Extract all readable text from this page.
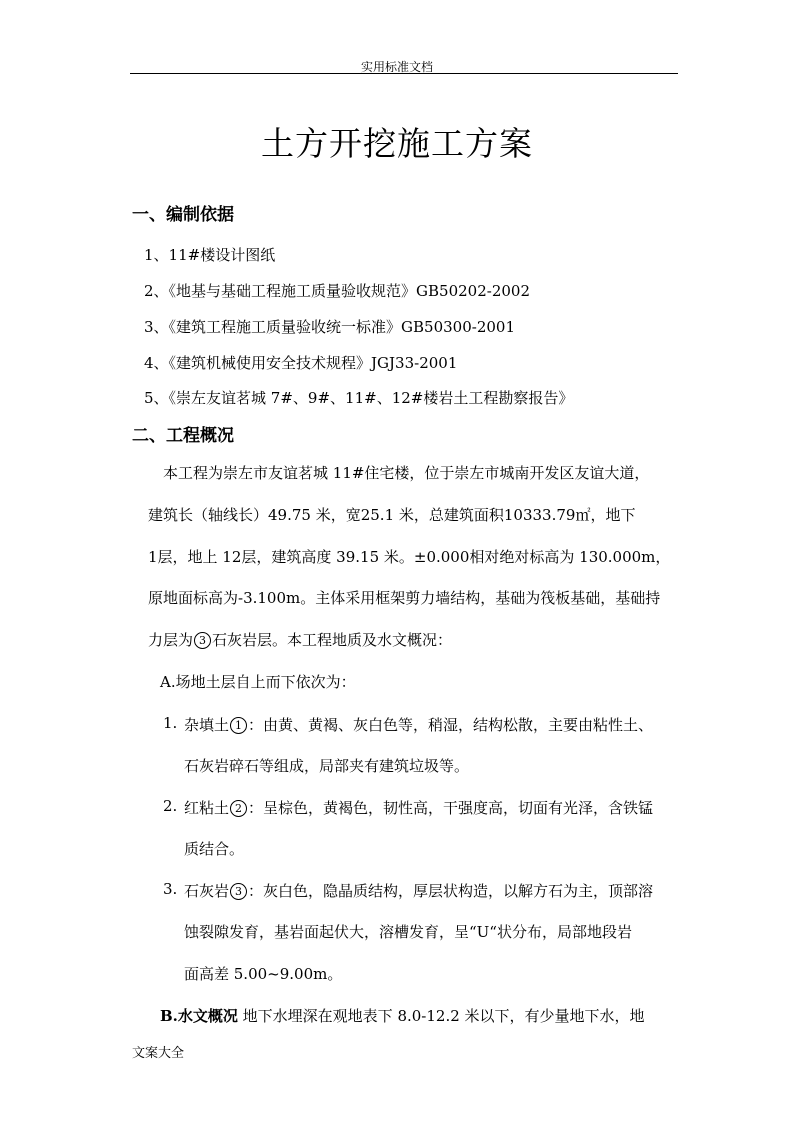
实用标准文档
土方开挖施工方案
一、编制依据
1、11#楼设计图纸
2、《地基与基础工程施工质量验收规范》GB50202-2002
3、《建筑工程施工质量验收统一标准》GB50300-2001
4、《建筑机械使用安全技术规程》JGJ33-2001
5、《崇左友谊茗城 7#、9#、11#、12#楼岩土工程勘察报告》
二、工程概况
本工程为崇左市友谊茗城 11#住宅楼，位于崇左市城南开发区友谊大道，
建筑长（轴线长）49.75 米，宽25.1 米，总建筑面积10333.79㎡，地下
1层，地上 12层，建筑高度 39.15 米。±0.000相对绝对标高为 130.000m，
原地面标高为-3.100m。主体采用框架剪力墙结构，基础为筏板基础，基础持
力层为 3 石灰岩层。本工程地质及水文概况：
A.场地土层自上而下依次为：
1. 杂填土 1 ：由黄、黄褐、灰白色等，稍湿，结构松散，主要由粘性土、
石灰岩碎石等组成，局部夹有建筑垃圾等。
2. 红粘土 2 ：呈棕色，黄褐色，韧性高，干强度高，切面有光泽，含铁锰
质结合。
3. 石灰岩 3 ：灰白色，隐晶质结构，厚层状构造，以解方石为主，顶部溶
蚀裂隙发育，基岩面起伏大，溶槽发育，呈“U“状分布，局部地段岩
面高差 5.00~9.00m。
B.水文概况 地下水埋深在观地表下 8.0-12.2 米以下，有少量地下水，地
文案大全
